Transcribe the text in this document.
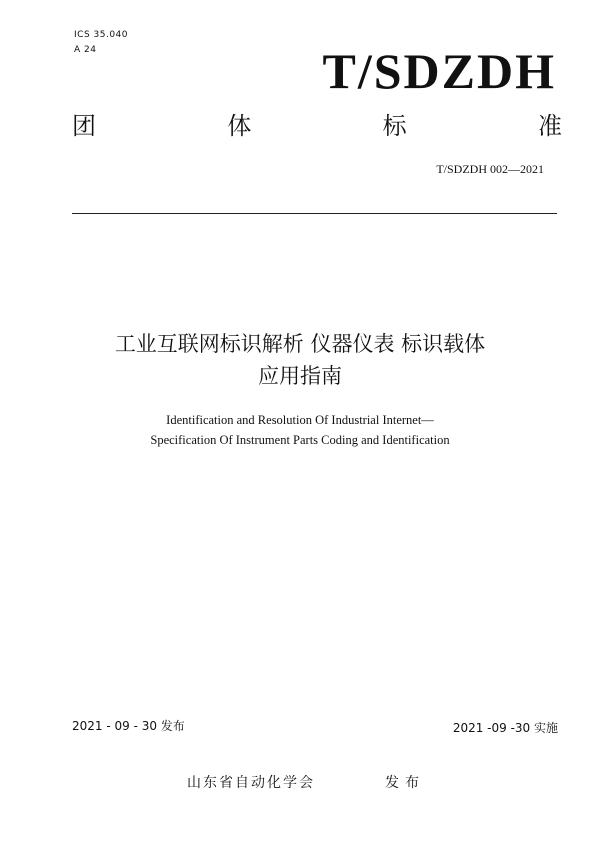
ICS 35.040
A 24	T/SDZDH
团	体	标	准
T/SDZDH 002—2021
工业互联网标识解析 仪器仪表 标识载体
应用指南
Identification and Resolution Of Industrial Internet—
Specification Of Instrument Parts Coding and Identification
2021 - 09 - 30 发布	2021 -09 -30 实施
山东省自动化学会	发布
